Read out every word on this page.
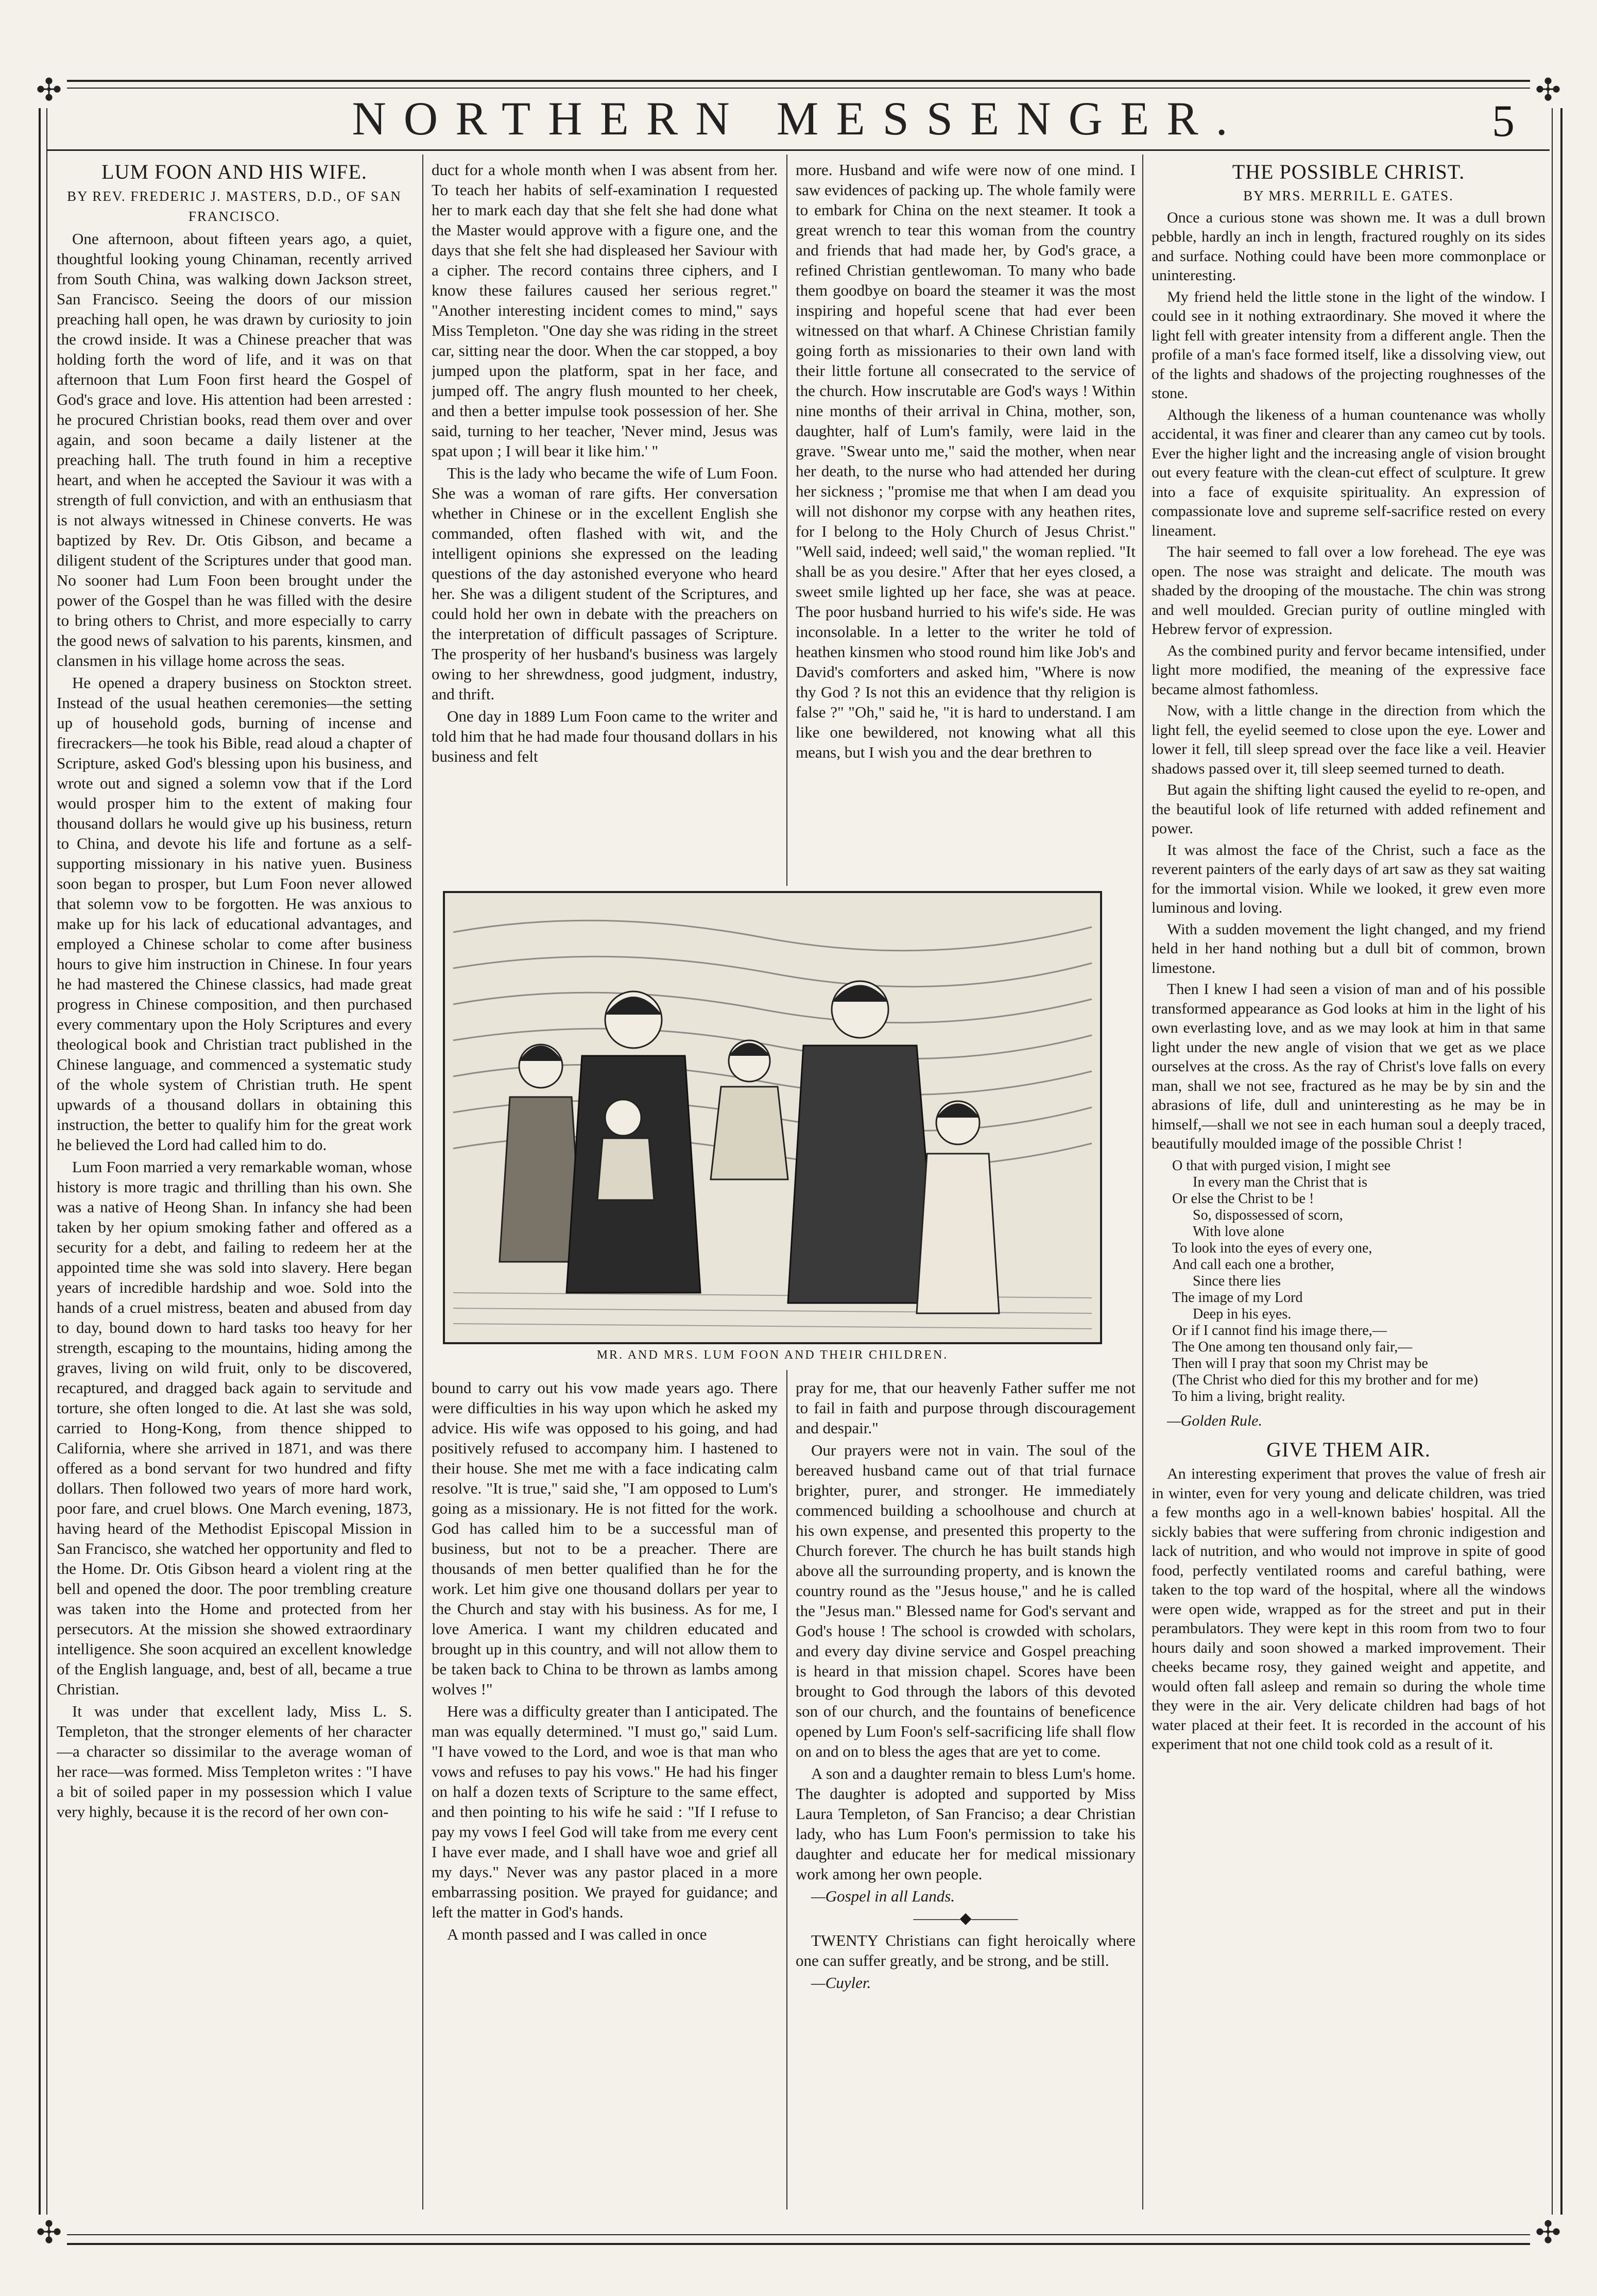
✣	✣
✣	✣
NORTHERN MESSENGER.	5

LUM FOON AND HIS WIFE.

BY REV. FREDERIC J. MASTERS, D.D., OF SAN FRANCISCO.

One afternoon, about fifteen years ago, a quiet, thoughtful looking young Chinaman, recently arrived from South China, was walking down Jackson street, San Francisco. Seeing the doors of our mission preaching hall open, he was drawn by curiosity to join the crowd inside. It was a Chinese preacher that was holding forth the word of life, and it was on that afternoon that Lum Foon first heard the Gospel of God's grace and love. His attention had been arrested : he procured Christian books, read them over and over again, and soon became a daily listener at the preaching hall. The truth found in him a receptive heart, and when he accepted the Saviour it was with a strength of full conviction, and with an enthusiasm that is not always witnessed in Chinese converts. He was baptized by Rev. Dr. Otis Gibson, and became a diligent student of the Scriptures under that good man. No sooner had Lum Foon been brought under the power of the Gospel than he was filled with the desire to bring others to Christ, and more especially to carry the good news of salvation to his parents, kinsmen, and clansmen in his village home across the seas.

He opened a drapery business on Stockton street. Instead of the usual heathen ceremonies—the setting up of household gods, burning of incense and firecrackers—he took his Bible, read aloud a chapter of Scripture, asked God's blessing upon his business, and wrote out and signed a solemn vow that if the Lord would prosper him to the extent of making four thousand dollars he would give up his business, return to China, and devote his life and fortune as a self-supporting missionary in his native yuen. Business soon began to prosper, but Lum Foon never allowed that solemn vow to be forgotten. He was anxious to make up for his lack of educational advantages, and employed a Chinese scholar to come after business hours to give him instruction in Chinese. In four years he had mastered the Chinese classics, had made great progress in Chinese composition, and then purchased every commentary upon the Holy Scriptures and every theological book and Christian tract published in the Chinese language, and commenced a systematic study of the whole system of Christian truth. He spent upwards of a thousand dollars in obtaining this instruction, the better to qualify him for the great work he believed the Lord had called him to do.

Lum Foon married a very remarkable woman, whose history is more tragic and thrilling than his own. She was a native of Heong Shan. In infancy she had been taken by her opium smoking father and offered as a security for a debt, and failing to redeem her at the appointed time she was sold into slavery. Here began years of incredible hardship and woe. Sold into the hands of a cruel mistress, beaten and abused from day to day, bound down to hard tasks too heavy for her strength, escaping to the mountains, hiding among the graves, living on wild fruit, only to be discovered, recaptured, and dragged back again to servitude and torture, she often longed to die. At last she was sold, carried to Hong-Kong, from thence shipped to California, where she arrived in 1871, and was there offered as a bond servant for two hundred and fifty dollars. Then followed two years of more hard work, poor fare, and cruel blows. One March evening, 1873, having heard of the Methodist Episcopal Mission in San Francisco, she watched her opportunity and fled to the Home. Dr. Otis Gibson heard a violent ring at the bell and opened the door. The poor trembling creature was taken into the Home and protected from her persecutors. At the mission she showed extraordinary intelligence. She soon acquired an excellent knowledge of the English language, and, best of all, became a true Christian.

It was under that excellent lady, Miss L. S. Templeton, that the stronger elements of her character—a character so dissimilar to the average woman of her race—was formed. Miss Templeton writes : "I have a bit of soiled paper in my possession which I value very highly, because it is the record of her own con-

duct for a whole month when I was absent from her. To teach her habits of self-examination I requested her to mark each day that she felt she had done what the Master would approve with a figure one, and the days that she felt she had displeased her Saviour with a cipher. The record contains three ciphers, and I know these failures caused her serious regret." "Another interesting incident comes to mind," says Miss Templeton. "One day she was riding in the street car, sitting near the door. When the car stopped, a boy jumped upon the platform, spat in her face, and jumped off. The angry flush mounted to her cheek, and then a better impulse took possession of her. She said, turning to her teacher, 'Never mind, Jesus was spat upon ; I will bear it like him.' "

This is the lady who became the wife of Lum Foon. She was a woman of rare gifts. Her conversation whether in Chinese or in the excellent English she commanded, often flashed with wit, and the intelligent opinions she expressed on the leading questions of the day astonished everyone who heard her. She was a diligent student of the Scriptures, and could hold her own in debate with the preachers on the interpretation of difficult passages of Scripture. The prosperity of her husband's business was largely owing to her shrewdness, good judgment, industry, and thrift.

One day in 1889 Lum Foon came to the writer and told him that he had made four thousand dollars in his business and felt

more. Husband and wife were now of one mind. I saw evidences of packing up. The whole family were to embark for China on the next steamer. It took a great wrench to tear this woman from the country and friends that had made her, by God's grace, a refined Christian gentlewoman. To many who bade them goodbye on board the steamer it was the most inspiring and hopeful scene that had ever been witnessed on that wharf. A Chinese Christian family going forth as missionaries to their own land with their little fortune all consecrated to the service of the church. How inscrutable are God's ways ! Within nine months of their arrival in China, mother, son, daughter, half of Lum's family, were laid in the grave. "Swear unto me," said the mother, when near her death, to the nurse who had attended her during her sickness ; "promise me that when I am dead you will not dishonor my corpse with any heathen rites, for I belong to the Holy Church of Jesus Christ." "Well said, indeed; well said," the woman replied. "It shall be as you desire." After that her eyes closed, a sweet smile lighted up her face, she was at peace. The poor husband hurried to his wife's side. He was inconsolable. In a letter to the writer he told of heathen kinsmen who stood round him like Job's and David's comforters and asked him, "Where is now thy God ? Is not this an evidence that thy religion is false ?" "Oh," said he, "it is hard to understand. I am like one bewildered, not knowing what all this means, but I wish you and the dear brethren to

MR. AND MRS. LUM FOON AND THEIR CHILDREN.

bound to carry out his vow made years ago. There were difficulties in his way upon which he asked my advice. His wife was opposed to his going, and had positively refused to accompany him. I hastened to their house. She met me with a face indicating calm resolve. "It is true," said she, "I am opposed to Lum's going as a missionary. He is not fitted for the work. God has called him to be a successful man of business, but not to be a preacher. There are thousands of men better qualified than he for the work. Let him give one thousand dollars per year to the Church and stay with his business. As for me, I love America. I want my children educated and brought up in this country, and will not allow them to be taken back to China to be thrown as lambs among wolves !"

Here was a difficulty greater than I anticipated. The man was equally determined. "I must go," said Lum. "I have vowed to the Lord, and woe is that man who vows and refuses to pay his vows." He had his finger on half a dozen texts of Scripture to the same effect, and then pointing to his wife he said : "If I refuse to pay my vows I feel God will take from me every cent I have ever made, and I shall have woe and grief all my days." Never was any pastor placed in a more embarrassing position. We prayed for guidance; and left the matter in God's hands.

A month passed and I was called in once

pray for me, that our heavenly Father suffer me not to fail in faith and purpose through discouragement and despair."

Our prayers were not in vain. The soul of the bereaved husband came out of that trial furnace brighter, purer, and stronger. He immediately commenced building a schoolhouse and church at his own expense, and presented this property to the Church forever. The church he has built stands high above all the surrounding property, and is known the country round as the "Jesus house," and he is called the "Jesus man." Blessed name for God's servant and God's house ! The school is crowded with scholars, and every day divine service and Gospel preaching is heard in that mission chapel. Scores have been brought to God through the labors of this devoted son of our church, and the fountains of beneficence opened by Lum Foon's self-sacrificing life shall flow on and on to bless the ages that are yet to come.

A son and a daughter remain to bless Lum's home. The daughter is adopted and supported by Miss Laura Templeton, of San Franciso; a dear Christian lady, who has Lum Foon's permission to take his daughter and educate her for medical missionary work among her own people.

—Gospel in all Lands.

———◆———

TWENTY Christians can fight heroically where one can suffer greatly, and be strong, and be still.

—Cuyler.

THE POSSIBLE CHRIST.

BY MRS. MERRILL E. GATES.

Once a curious stone was shown me. It was a dull brown pebble, hardly an inch in length, fractured roughly on its sides and surface. Nothing could have been more commonplace or uninteresting.

My friend held the little stone in the light of the window. I could see in it nothing extraordinary. She moved it where the light fell with greater intensity from a different angle. Then the profile of a man's face formed itself, like a dissolving view, out of the lights and shadows of the projecting roughnesses of the stone.

Although the likeness of a human countenance was wholly accidental, it was finer and clearer than any cameo cut by tools. Ever the higher light and the increasing angle of vision brought out every feature with the clean-cut effect of sculpture. It grew into a face of exquisite spirituality. An expression of compassionate love and supreme self-sacrifice rested on every lineament.

The hair seemed to fall over a low forehead. The eye was open. The nose was straight and delicate. The mouth was shaded by the drooping of the moustache. The chin was strong and well moulded. Grecian purity of outline mingled with Hebrew fervor of expression.

As the combined purity and fervor became intensified, under light more modified, the meaning of the expressive face became almost fathomless.

Now, with a little change in the direction from which the light fell, the eyelid seemed to close upon the eye. Lower and lower it fell, till sleep spread over the face like a veil. Heavier shadows passed over it, till sleep seemed turned to death.

But again the shifting light caused the eyelid to re-open, and the beautiful look of life returned with added refinement and power.

It was almost the face of the Christ, such a face as the reverent painters of the early days of art saw as they sat waiting for the immortal vision. While we looked, it grew even more luminous and loving.

With a sudden movement the light changed, and my friend held in her hand nothing but a dull bit of common, brown limestone.

Then I knew I had seen a vision of man and of his possible transformed appearance as God looks at him in the light of his own everlasting love, and as we may look at him in that same light under the new angle of vision that we get as we place ourselves at the cross. As the ray of Christ's love falls on every man, shall we not see, fractured as he may be by sin and the abrasions of life, dull and uninteresting as he may be in himself,—shall we not see in each human soul a deeply traced, beautifully moulded image of the possible Christ !

O that with purged vision, I might see
In every man the Christ that is
Or else the Christ to be !
So, dispossessed of scorn,
With love alone
To look into the eyes of every one,
And call each one a brother,
Since there lies
The image of my Lord
Deep in his eyes.
Or if I cannot find his image there,—
The One among ten thousand only fair,—
Then will I pray that soon my Christ may be
(The Christ who died for this my brother and for me)
To him a living, bright reality.

—Golden Rule.

GIVE THEM AIR.

An interesting experiment that proves the value of fresh air in winter, even for very young and delicate children, was tried a few months ago in a well-known babies' hospital. All the sickly babies that were suffering from chronic indigestion and lack of nutrition, and who would not improve in spite of good food, perfectly ventilated rooms and careful bathing, were taken to the top ward of the hospital, where all the windows were open wide, wrapped as for the street and put in their perambulators. They were kept in this room from two to four hours daily and soon showed a marked improvement. Their cheeks became rosy, they gained weight and appetite, and would often fall asleep and remain so during the whole time they were in the air. Very delicate children had bags of hot water placed at their feet. It is recorded in the account of his experiment that not one child took cold as a result of it.
